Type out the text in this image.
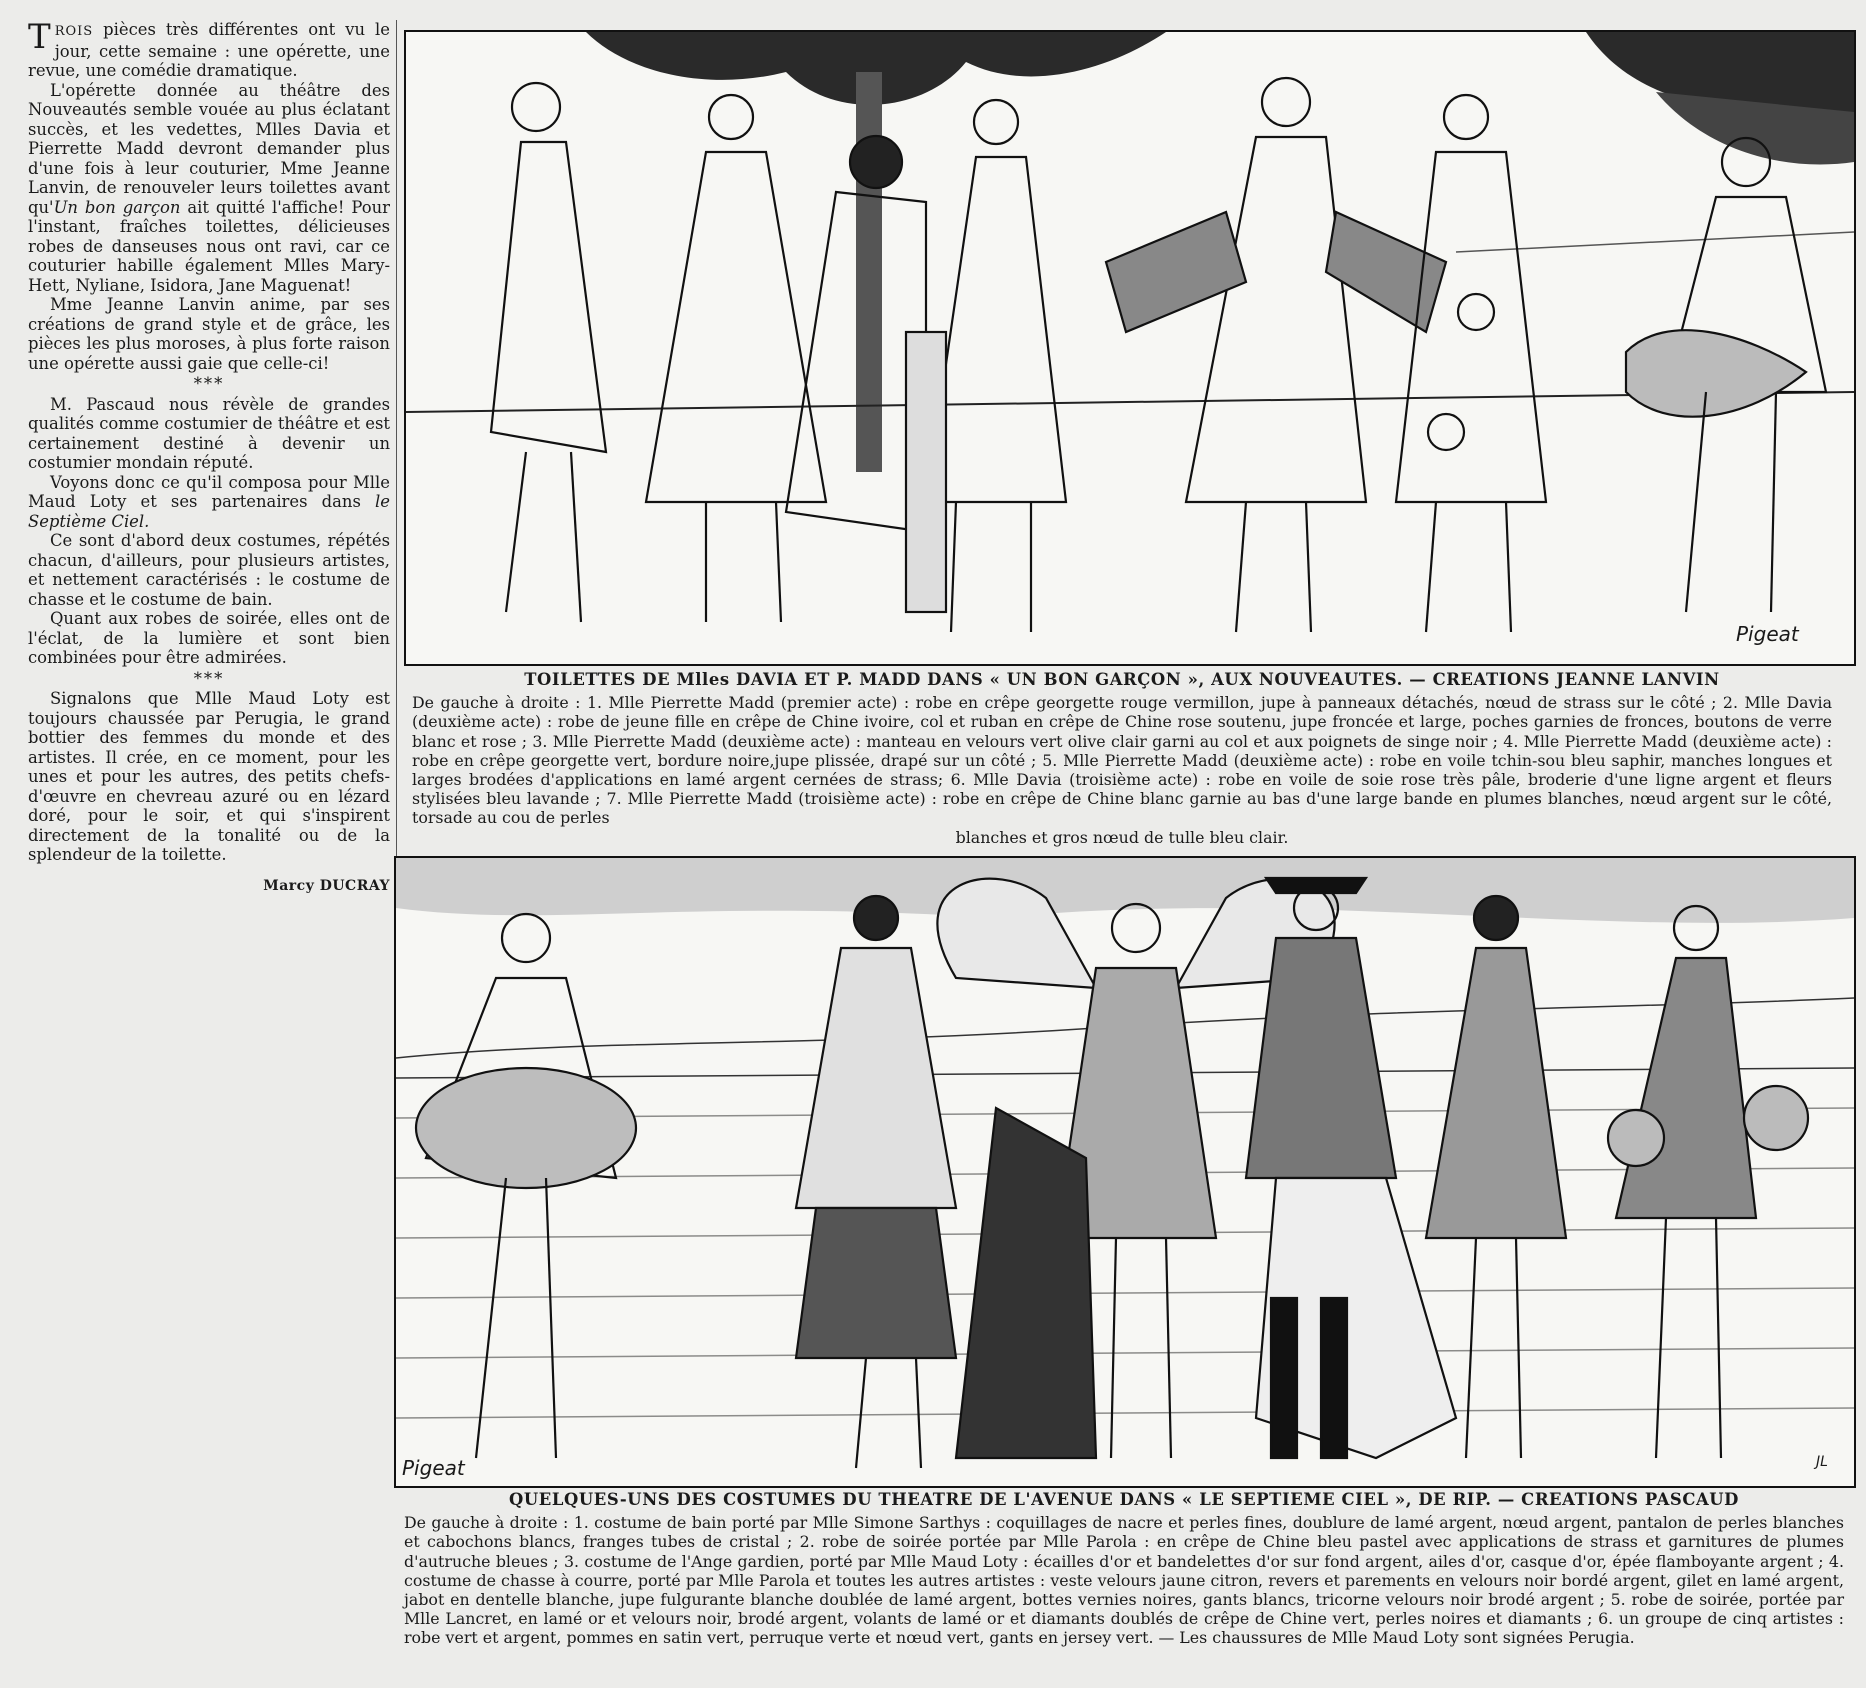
TROIS pièces très différentes ont vu le jour, cette semaine : une opérette, une revue, une comédie dramatique.

L'opérette donnée au théâtre des Nouveautés semble vouée au plus éclatant succès, et les vedettes, Mlles Davia et Pierrette Madd devront demander plus d'une fois à leur couturier, Mme Jeanne Lanvin, de renouveler leurs toilettes avant qu'Un bon garçon ait quitté l'affiche! Pour l'instant, fraîches toilettes, délicieuses robes de danseuses nous ont ravi, car ce couturier habille également Mlles Mary-Hett, Nyliane, Isidora, Jane Maguenat!

Mme Jeanne Lanvin anime, par ses créations de grand style et de grâce, les pièces les plus moroses, à plus forte raison une opérette aussi gaie que celle-ci!

***

M. Pascaud nous révèle de grandes qualités comme costumier de théâtre et est certainement destiné à devenir un costumier mondain réputé.

Voyons donc ce qu'il composa pour Mlle Maud Loty et ses partenaires dans le Septième Ciel.

Ce sont d'abord deux costumes, répétés chacun, d'ailleurs, pour plusieurs artistes, et nettement caractérisés : le costume de chasse et le costume de bain.

Quant aux robes de soirée, elles ont de l'éclat, de la lumière et sont bien combinées pour être admirées.

***

Signalons que Mlle Maud Loty est toujours chaussée par Perugia, le grand bottier des femmes du monde et des artistes. Il crée, en ce moment, pour les unes et pour les autres, des petits chefs-d'œuvre en chevreau azuré ou en lézard doré, pour le soir, et qui s'inspirent directement de la tonalité ou de la splendeur de la toilette.

Marcy DUCRAY

Pigeat
TOILETTES DE Mlles DAVIA ET P. MADD DANS « UN BON GARÇON », AUX NOUVEAUTES. — CREATIONS JEANNE LANVIN
De gauche à droite : 1. Mlle Pierrette Madd (premier acte) : robe en crêpe georgette rouge vermillon, jupe à panneaux détachés, nœud de strass sur le côté ; 2. Mlle Davia (deuxième acte) : robe de jeune fille en crêpe de Chine ivoire, col et ruban en crêpe de Chine rose soutenu, jupe froncée et large, poches garnies de fronces, boutons de verre blanc et rose ; 3. Mlle Pierrette Madd (deuxième acte) : manteau en velours vert olive clair garni au col et aux poignets de singe noir ; 4. Mlle Pierrette Madd (deuxième acte) : robe en crêpe georgette vert, bordure noire,jupe plissée, drapé sur un côté ; 5. Mlle Pierrette Madd (deuxième acte) : robe en voile tchin-sou bleu saphir, manches longues et larges brodées d'applications en lamé argent cernées de strass; 6. Mlle Davia (troisième acte) : robe en voile de soie rose très pâle, broderie d'une ligne argent et fleurs stylisées bleu lavande ; 7. Mlle Pierrette Madd (troisième acte) : robe en crêpe de Chine blanc garnie au bas d'une large bande en plumes blanches, nœud argent sur le côté, torsade au cou de perles
blanches et gros nœud de tulle bleu clair.
Pigeat	JL
QUELQUES-UNS DES COSTUMES DU THEATRE DE L'AVENUE DANS « LE SEPTIEME CIEL », DE RIP. — CREATIONS PASCAUD
De gauche à droite : 1. costume de bain porté par Mlle Simone Sarthys : coquillages de nacre et perles fines, doublure de lamé argent, nœud argent, pantalon de perles blanches et cabochons blancs, franges tubes de cristal ; 2. robe de soirée portée par Mlle Parola : en crêpe de Chine bleu pastel avec applications de strass et garnitures de plumes d'autruche bleues ; 3. costume de l'Ange gardien, porté par Mlle Maud Loty : écailles d'or et bandelettes d'or sur fond argent, ailes d'or, casque d'or, épée flamboyante argent ; 4. costume de chasse à courre, porté par Mlle Parola et toutes les autres artistes : veste velours jaune citron, revers et parements en velours noir bordé argent, gilet en lamé argent, jabot en dentelle blanche, jupe fulgurante blanche doublée de lamé argent, bottes vernies noires, gants blancs, tricorne velours noir brodé argent ; 5. robe de soirée, portée par Mlle Lancret, en lamé or et velours noir, brodé argent, volants de lamé or et diamants doublés de crêpe de Chine vert, perles noires et diamants ; 6. un groupe de cinq artistes : robe vert et argent, pommes en satin vert, perruque verte et nœud vert, gants en jersey vert. — Les chaussures de Mlle Maud Loty sont signées Perugia.
